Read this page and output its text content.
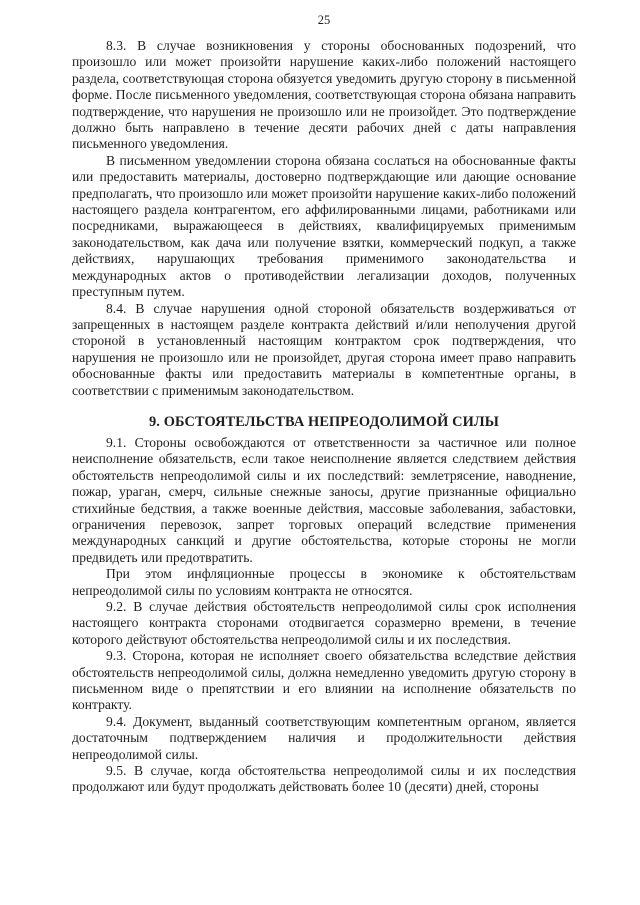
25

8.3. В случае возникновения у стороны обоснованных подозрений, что произошло или может произойти нарушение каких-либо положений настоящего раздела, соответствующая сторона обязуется уведомить другую сторону в письменной форме. После письменного уведомления, соответствующая сторона обязана направить подтверждение, что нарушения не произошло или не произойдет. Это подтверждение должно быть направлено в течение десяти рабочих дней с даты направления письменного уведомления.

В письменном уведомлении сторона обязана сослаться на обоснованные факты или предоставить материалы, достоверно подтверждающие или дающие основание предполагать, что произошло или может произойти нарушение каких-либо положений настоящего раздела контрагентом, его аффилированными лицами, работниками или посредниками, выражающееся в действиях, квалифицируемых применимым законодательством, как дача или получение взятки, коммерческий подкуп, а также действиях, нарушающих требования применимого законодательства и международных актов о противодействии легализации доходов, полученных преступным путем.

8.4. В случае нарушения одной стороной обязательств воздерживаться от запрещенных в настоящем разделе контракта действий и/или неполучения другой стороной в установленный настоящим контрактом срок подтверждения, что нарушения не произошло или не произойдет, другая сторона имеет право направить обоснованные факты или предоставить материалы в компетентные органы, в соответствии с применимым законодательством.

9. ОБСТОЯТЕЛЬСТВА НЕПРЕОДОЛИМОЙ СИЛЫ

9.1. Стороны освобождаются от ответственности за частичное или полное неисполнение обязательств, если такое неисполнение является следствием действия обстоятельств непреодолимой силы и их последствий: землетрясение, наводнение, пожар, ураган, смерч, сильные снежные заносы, другие признанные официально стихийные бедствия, а также военные действия, массовые заболевания, забастовки, ограничения перевозок, запрет торговых операций вследствие применения международных санкций и другие обстоятельства, которые стороны не могли предвидеть или предотвратить.

При этом инфляционные процессы в экономике к обстоятельствам непреодолимой силы по условиям контракта не относятся.

9.2. В случае действия обстоятельств непреодолимой силы срок исполнения настоящего контракта сторонами отодвигается соразмерно времени, в течение которого действуют обстоятельства непреодолимой силы и их последствия.

9.3. Сторона, которая не исполняет своего обязательства вследствие действия обстоятельств непреодолимой силы, должна немедленно уведомить другую сторону в письменном виде о препятствии и его влиянии на исполнение обязательств по контракту.

9.4. Документ, выданный соответствующим компетентным органом, является достаточным подтверждением наличия и продолжительности действия непреодолимой силы.

9.5. В случае, когда обстоятельства непреодолимой силы и их последствия продолжают или будут продолжать действовать более 10 (десяти) дней, стороны
